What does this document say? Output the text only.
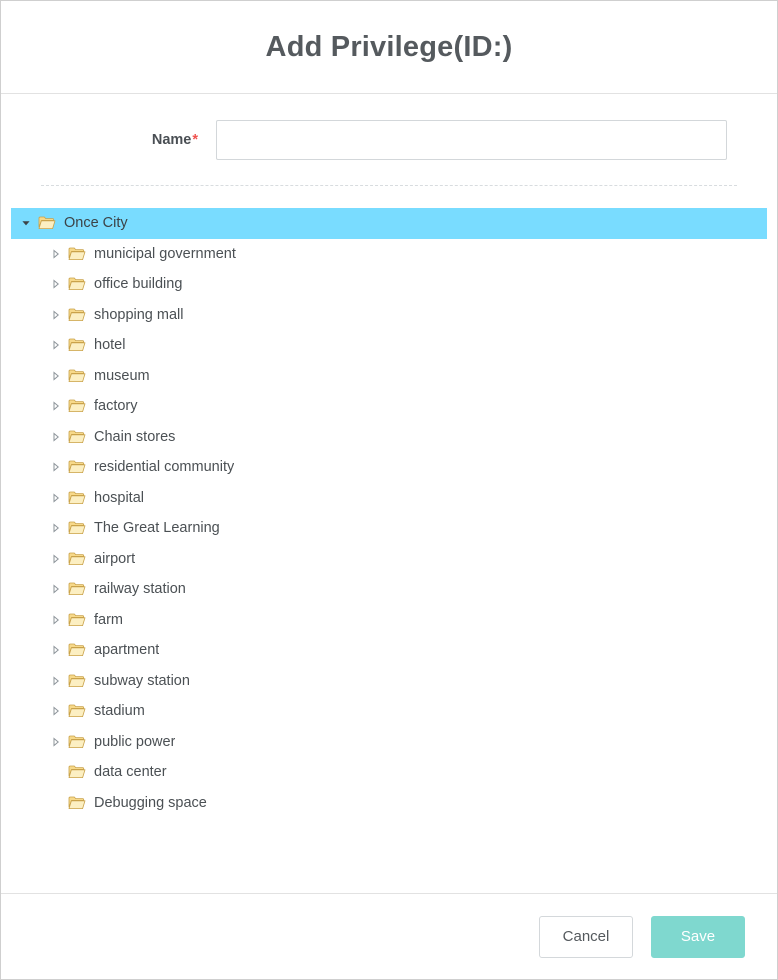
Add Privilege(ID:)
Name*
Once City
municipal government
office building
shopping mall
hotel
museum
factory
Chain stores
residential community
hospital
The Great Learning
airport
railway station
farm
apartment
subway station
stadium
public power
data center
Debugging space
Cancel	Save
